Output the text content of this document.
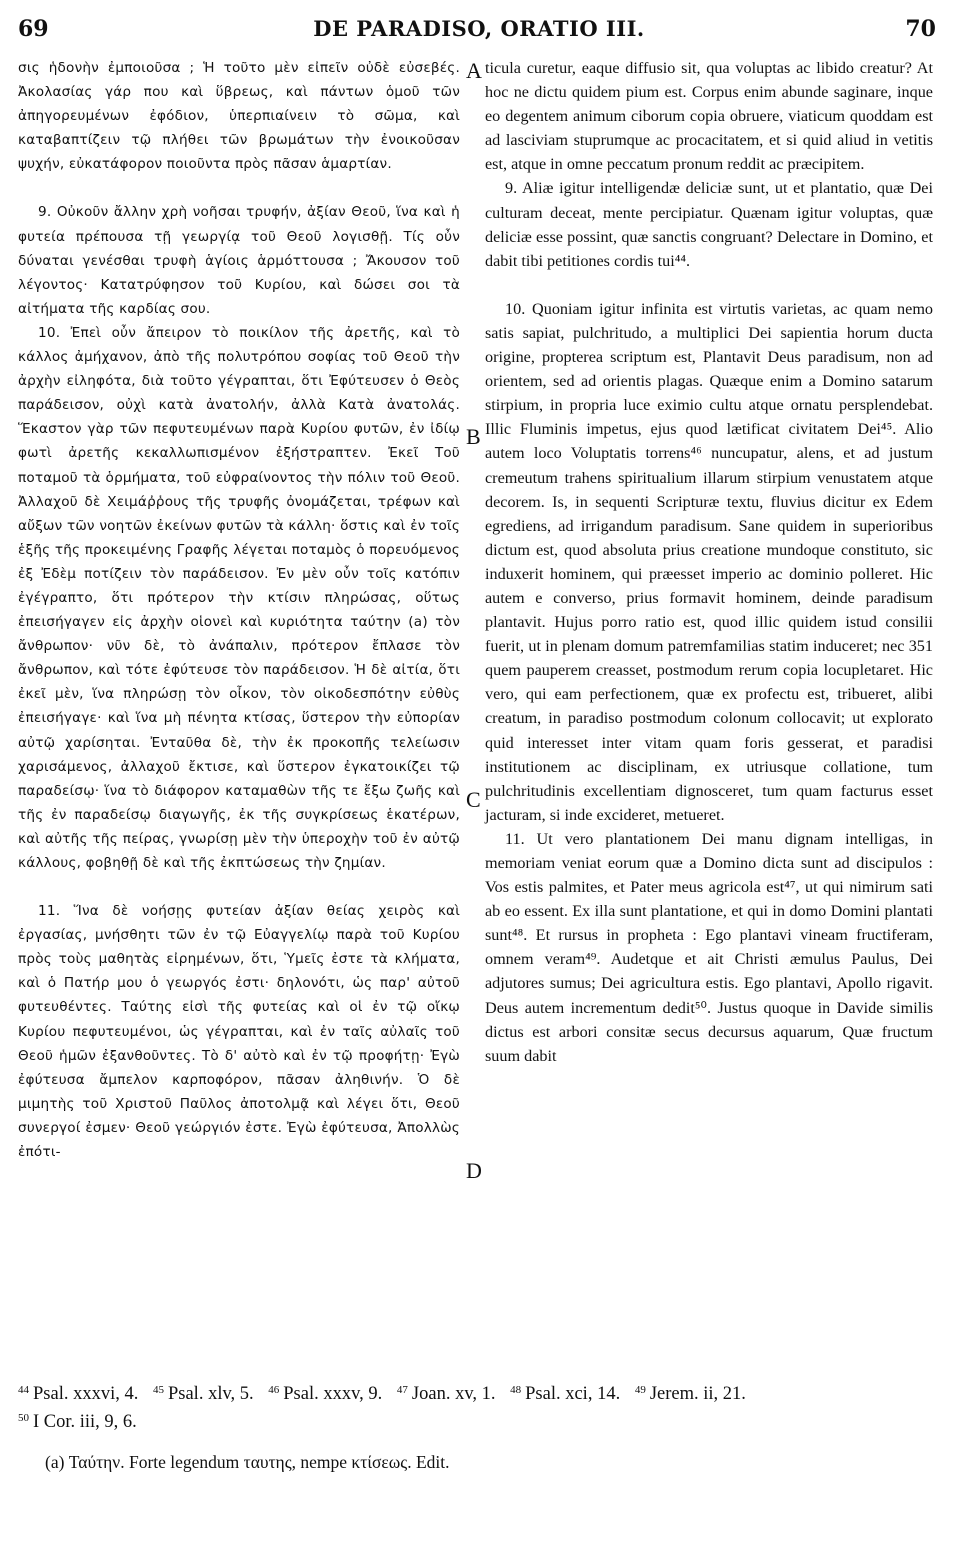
69	DE PARADISO, ORATIO III.	70

σις ἡδονὴν ἐμποιοῦσα ; Ἡ τοῦτο μὲν εἰπεῖν οὐδὲ εὐσεβές. Ἀκολασίας γάρ που καὶ ὕβρεως, καὶ πάντων ὁμοῦ τῶν ἀπηγορευμένων ἐφόδιον, ὑπερπιαίνειν τὸ σῶμα, καὶ καταβαπτίζειν τῷ πλήθει τῶν βρωμάτων τὴν ἐνοικοῦσαν ψυχήν, εὐκατάφορον ποιοῦντα πρὸς πᾶσαν ἁμαρτίαν.

9. Οὐκοῦν ἄλλην χρὴ νοῆσαι τρυφήν, ἀξίαν Θεοῦ, ἵνα καὶ ἡ φυτεία πρέπουσα τῇ γεωργίᾳ τοῦ Θεοῦ λογισθῇ. Τίς οὖν δύναται γενέσθαι τρυφὴ ἁγίοις ἁρμόττουσα ; Ἄκουσον τοῦ λέγοντος· Κατατρύφησον τοῦ Κυρίου, καὶ δώσει σοι τὰ αἰτήματα τῆς καρδίας σου.

10. Ἐπεὶ οὖν ἄπειρον τὸ ποικίλον τῆς ἀρετῆς, καὶ τὸ κάλλος ἀμήχανον, ἀπὸ τῆς πολυτρόπου σοφίας τοῦ Θεοῦ τὴν ἀρχὴν εἰληφότα, διὰ τοῦτο γέγραπται, ὅτι Ἐφύτευσεν ὁ Θεὸς παράδεισον, οὐχὶ κατὰ ἀνατολήν, ἀλλὰ Κατὰ ἀνατολάς. Ἕκαστον γὰρ τῶν πεφυτευμένων παρὰ Κυρίου φυτῶν, ἐν ἰδίῳ φωτὶ ἀρετῆς κεκαλλωπισμένον ἐξήστραπτεν. Ἐκεῖ Τοῦ ποταμοῦ τὰ ὁρμήματα, τοῦ εὐφραίνοντος τὴν πόλιν τοῦ Θεοῦ. Ἀλλαχοῦ δὲ Χειμάῤῥους τῆς τρυφῆς ὀνομάζεται, τρέφων καὶ αὔξων τῶν νοητῶν ἐκείνων φυτῶν τὰ κάλλη· ὅστις καὶ ἐν τοῖς ἑξῆς τῆς προκειμένης Γραφῆς λέγεται ποταμὸς ὁ πορευόμενος ἐξ Ἐδὲμ ποτίζειν τὸν παράδεισον. Ἐν μὲν οὖν τοῖς κατόπιν ἐγέγραπτο, ὅτι πρότερον τὴν κτίσιν πληρώσας, οὕτως ἐπεισήγαγεν εἰς ἀρχὴν οἱονεὶ καὶ κυριότητα ταύτην (a) τὸν ἄνθρωπον· νῦν δὲ, τὸ ἀνάπαλιν, πρότερον ἔπλασε τὸν ἄνθρωπον, καὶ τότε ἐφύτευσε τὸν παράδεισον. Ἡ δὲ αἰτία, ὅτι ἐκεῖ μὲν, ἵνα πληρώσῃ τὸν οἶκον, τὸν οἰκοδεσπότην εὐθὺς ἐπεισήγαγε· καὶ ἵνα μὴ πένητα κτίσας, ὕστερον τὴν εὐπορίαν αὐτῷ χαρίσηται. Ἐνταῦθα δὲ, τὴν ἐκ προκοπῆς τελείωσιν χαρισάμενος, ἀλλαχοῦ ἔκτισε, καὶ ὕστερον ἐγκατοικίζει τῷ παραδείσῳ· ἵνα τὸ διάφορον καταμαθὼν τῆς τε ἔξω ζωῆς καὶ τῆς ἐν παραδείσῳ διαγωγῆς, ἐκ τῆς συγκρίσεως ἑκατέρων, καὶ αὐτῆς τῆς πείρας, γνωρίσῃ μὲν τὴν ὑπεροχὴν τοῦ ἐν αὐτῷ κάλλους, φοβηθῇ δὲ καὶ τῆς ἐκπτώσεως τὴν ζημίαν.

11. Ἵνα δὲ νοήσῃς φυτείαν ἀξίαν θείας χειρὸς καὶ ἐργασίας, μνήσθητι τῶν ἐν τῷ Εὐαγγελίῳ παρὰ τοῦ Κυρίου πρὸς τοὺς μαθητὰς εἰρημένων, ὅτι, Ὑμεῖς ἐστε τὰ κλήματα, καὶ ὁ Πατήρ μου ὁ γεωργός ἐστι· δηλονότι, ὡς παρ' αὐτοῦ φυτευθέντες. Ταύτης εἰσὶ τῆς φυτείας καὶ οἱ ἐν τῷ οἴκῳ Κυρίου πεφυτευμένοι, ὡς γέγραπται, καὶ ἐν ταῖς αὐλαῖς τοῦ Θεοῦ ἡμῶν ἐξανθοῦντες. Τὸ δ' αὐτὸ καὶ ἐν τῷ προφήτῃ· Ἐγὼ ἐφύτευσα ἄμπελον καρποφόρον, πᾶσαν ἀληθινήν. Ὁ δὲ μιμητὴς τοῦ Χριστοῦ Παῦλος ἀποτολμᾷ καὶ λέγει ὅτι, Θεοῦ συνεργοί ἐσμεν· Θεοῦ γεώργιόν ἐστε. Ἐγὼ ἐφύτευσα, Ἀπολλὼς ἐπότι-

A
B
C
D

ticula curetur, eaque diffusio sit, qua voluptas ac libido creatur? At hoc ne dictu quidem pium est. Corpus enim abunde saginare, inque eo degentem animum ciborum copia obruere, viaticum quoddam est ad lasciviam stuprumque ac procacitatem, et si quid aliud in vetitis est, atque in omne peccatum pronum reddit ac præcipitem.

9. Aliæ igitur intelligendæ deliciæ sunt, ut et plantatio, quæ Dei culturam deceat, mente percipiatur. Quænam igitur voluptas, quæ deliciæ esse possint, quæ sanctis congruant? Delectare in Domino, et dabit tibi petitiones cordis tui⁴⁴.

10. Quoniam igitur infinita est virtutis varietas, ac quam nemo satis sapiat, pulchritudo, a multiplici Dei sapientia horum ducta origine, propterea scriptum est, Plantavit Deus paradisum, non ad orientem, sed ad orientis plagas. Quæque enim a Domino satarum stirpium, in propria luce eximio cultu atque ornatu persplendebat. Illic Fluminis impetus, ejus quod lætificat civitatem Dei⁴⁵. Alio autem loco Voluptatis torrens⁴⁶ nuncupatur, alens, et ad justum cremeutum trahens spiritualium illarum stirpium venustatem atque decorem. Is, in sequenti Scripturæ textu, fluvius dicitur ex Edem egrediens, ad irrigandum paradisum. Sane quidem in superioribus dictum est, quod absoluta prius creatione mundoque constituto, sic induxerit hominem, qui præesset imperio ac dominio polleret. Hic autem e converso, prius formavit hominem, deinde paradisum plantavit. Hujus porro ratio est, quod illic quidem istud consilii fuerit, ut in plenam domum patremfamilias statim induceret; nec 351 quem pauperem creasset, postmodum rerum copia locupletaret. Hic vero, qui eam perfectionem, quæ ex profectu est, tribueret, alibi creatum, in paradiso postmodum colonum collocavit; ut explorato quid interesset inter vitam quam foris gesserat, et paradisi institutionem ac disciplinam, ex utriusque collatione, tum pulchritudinis excellentiam dignosceret, tum quam facturus esset jacturam, si inde excideret, metueret.

11. Ut vero plantationem Dei manu dignam intelligas, in memoriam veniat eorum quæ a Domino dicta sunt ad discipulos : Vos estis palmites, et Pater meus agricola est⁴⁷, ut qui nimirum sati ab eo essent. Ex illa sunt plantatione, et qui in domo Domini plantati sunt⁴⁸. Et rursus in propheta : Ego plantavi vineam fructiferam, omnem veram⁴⁹. Audetque et ait Christi æmulus Paulus, Dei adjutores sumus; Dei agricultura estis. Ego plantavi, Apollo rigavit. Deus autem incrementum dedit⁵⁰. Justus quoque in Davide similis dictus est arbori consitæ secus decursus aquarum, Quæ fructum suum dabit

$^{44}$ Psal. xxxvi, 4. $^{45}$ Psal. xlv, 5. $^{46}$ Psal. xxxv, 9. $^{47}$ Joan. xv, 1. $^{48}$ Psal. xci, 14. $^{49}$ Jerem. ii, 21.
$^{50}$ I Cor. iii, 9, 6.
(a) Ταύτην. Forte legendum ταυτης, nempe κτίσεως. Edit.
